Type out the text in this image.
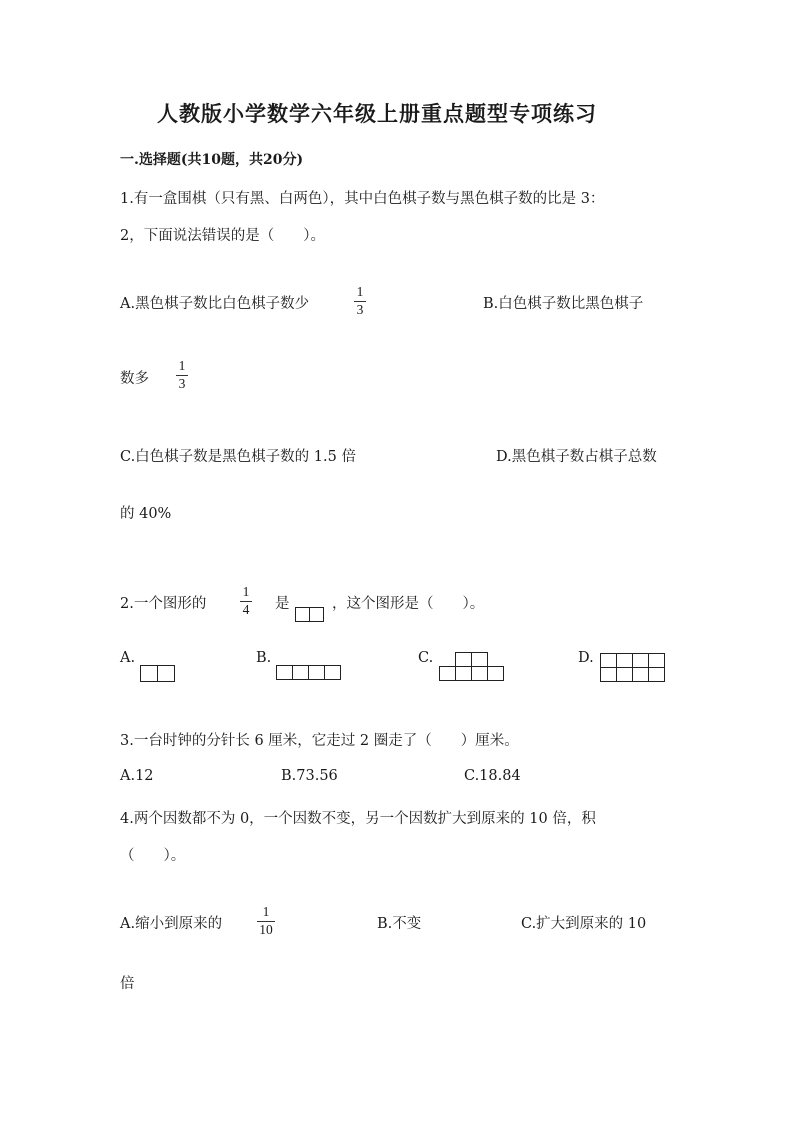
人教版小学数学六年级上册重点题型专项练习
一.选择题(共10题，共20分)
1.有一盒围棋（只有黑、白两色），其中白色棋子数与黑色棋子数的比是 3：
2，下面说法错误的是（　　）。
A.黑色棋子数比白色棋子数少
1
3	B.白色棋子数比黑色棋子
数多
1
3
C.白色棋子数是黑色棋子数的 1.5 倍	D.黑色棋子数占棋子总数
的 40%
2.一个图形的
1
4 是	，这个图形是（　　）。
A.	B.	C.	D.
3.一台时钟的分针长 6 厘米，它走过 2 圈走了（　　）厘米。
A.12	B.73.56	C.18.84
4.两个因数都不为 0，一个因数不变，另一个因数扩大到原来的 10 倍，积
（　　）。
A.缩小到原来的
1
10	B.不变	C.扩大到原来的 10
倍
